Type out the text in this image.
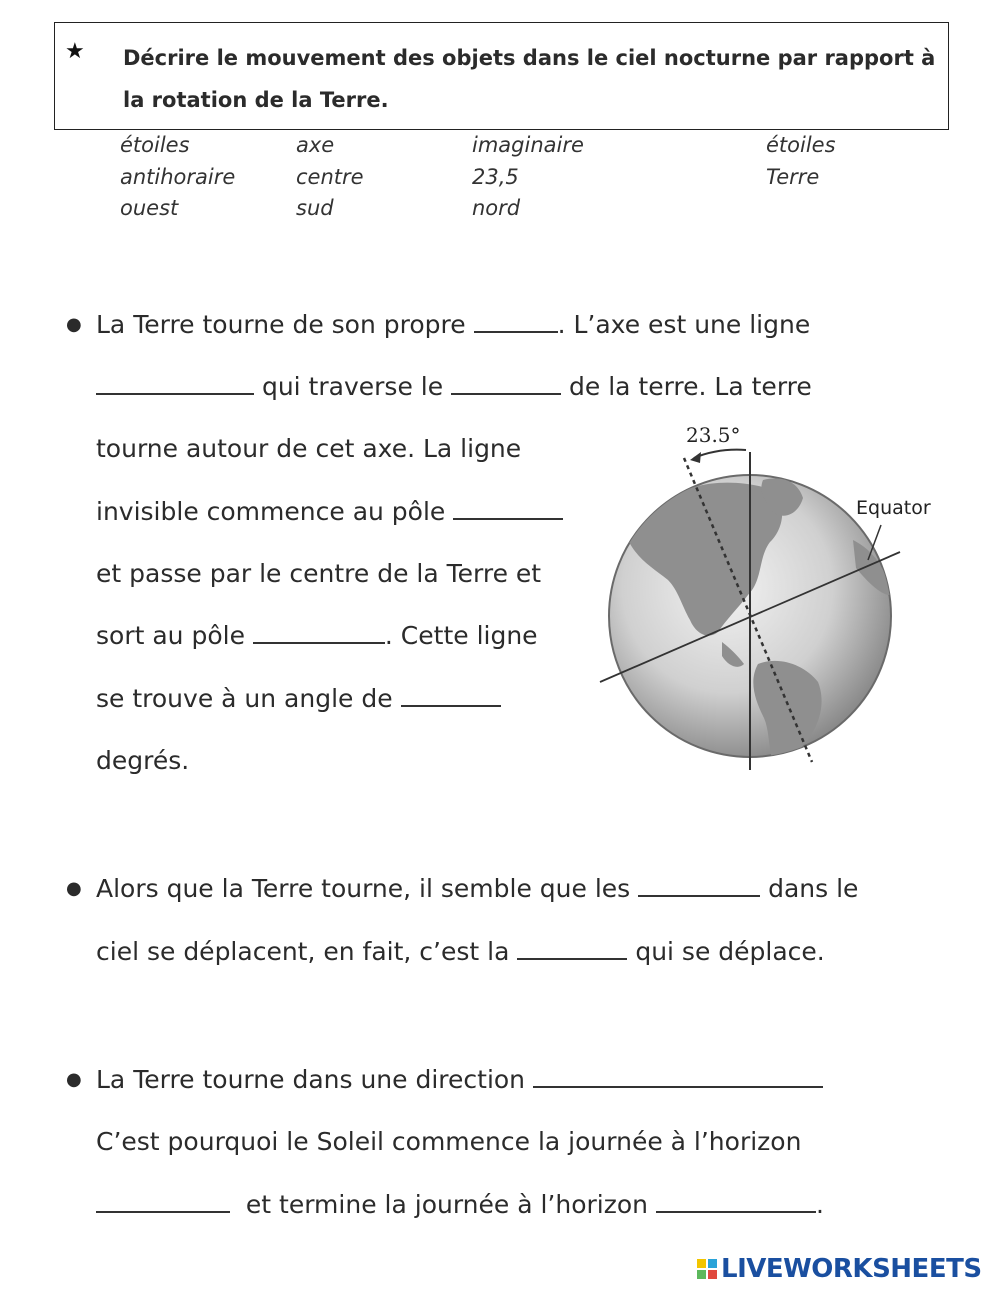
★ Décrire le mouvement des objets dans le ciel nocturne par rapport à la rotation de la Terre.
étoiles	axe	imaginaire	étoiles
antihoraire	centre	23,5	Terre
ouest	sud	nord
● La Terre tourne de son propre	. L’axe est une ligne
qui traverse le	de la terre. La terre
tourne autour de cet axe. La ligne
invisible commence au pôle
et passe par le centre de la Terre et
sort au pôle	. Cette ligne
se trouve à un angle de
degrés.
23.5°
Equator
● Alors que la Terre tourne, il semble que les	dans le
ciel se déplacent, en fait, c’est la	qui se déplace.
● La Terre tourne dans une direction
C’est pourquoi le Soleil commence la journée à l’horizon
et termine la journée à l’horizon	.
LIVEWORKSHEETS
